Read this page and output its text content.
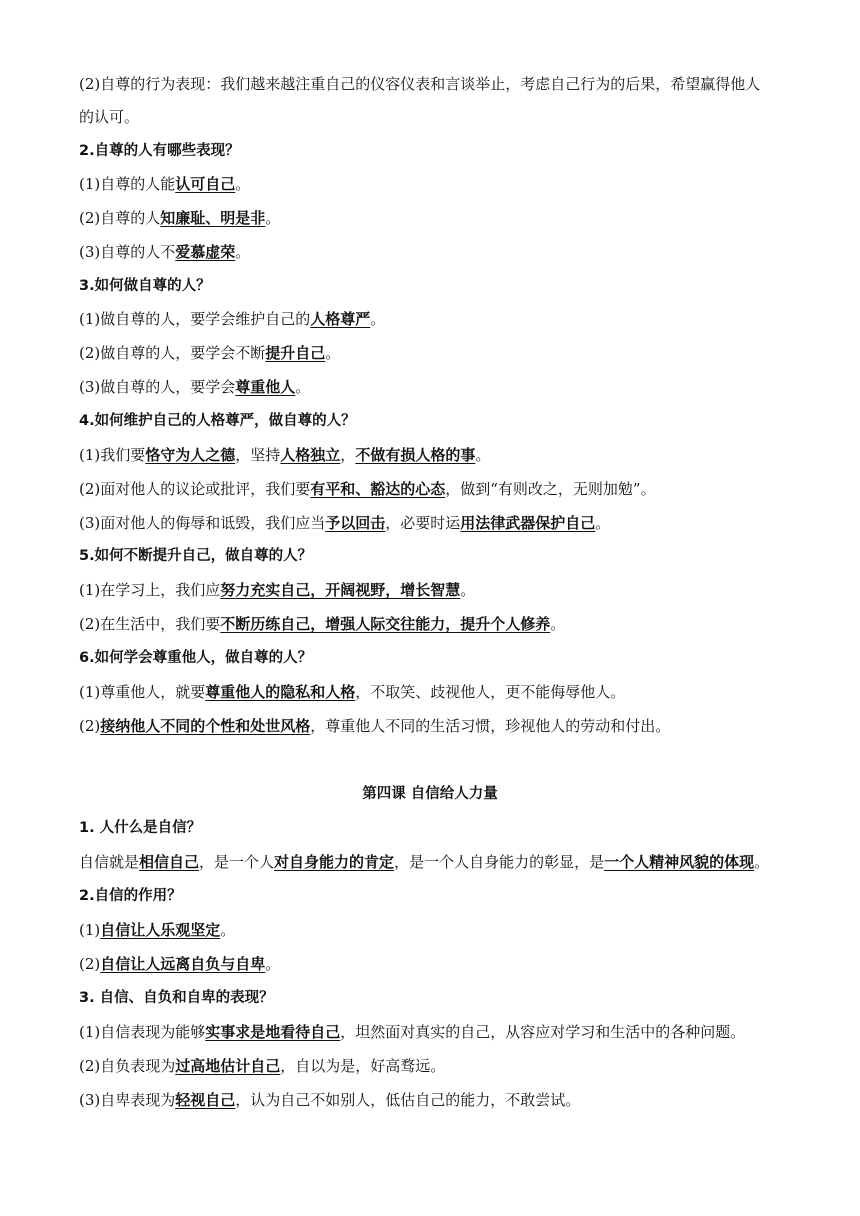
(2)自尊的行为表现：我们越来越注重自己的仪容仪表和言谈举止，考虑自己行为的后果，希望赢得他人
的认可。
2.自尊的人有哪些表现？
(1)自尊的人能认可自己。
(2)自尊的人知廉耻、明是非。
(3)自尊的人不爱慕虚荣。
3.如何做自尊的人？
(1)做自尊的人，要学会维护自己的人格尊严。
(2)做自尊的人，要学会不断提升自己。
(3)做自尊的人，要学会尊重他人。
4.如何维护自己的人格尊严，做自尊的人？
(1)我们要恪守为人之德，坚持人格独立，不做有损人格的事。
(2)面对他人的议论或批评，我们要有平和、豁达的心态，做到“有则改之，无则加勉”。
(3)面对他人的侮辱和诋毁，我们应当予以回击，必要时运用法律武器保护自己。
5.如何不断提升自己，做自尊的人？
(1)在学习上，我们应努力充实自己，开阔视野，增长智慧。
(2)在生活中，我们要不断历练自己，增强人际交往能力，提升个人修养。
6.如何学会尊重他人，做自尊的人？
(1)尊重他人，就要尊重他人的隐私和人格，不取笑、歧视他人，更不能侮辱他人。
(2)接纳他人不同的个性和处世风格，尊重他人不同的生活习惯，珍视他人的劳动和付出。
第四课 自信给人力量
1. 人什么是自信？
自信就是相信自己，是一个人对自身能力的肯定，是一个人自身能力的彰显，是一个人精神风貌的体现。
2.自信的作用？
(1)自信让人乐观坚定。
(2)自信让人远离自负与自卑。
3. 自信、自负和自卑的表现？
(1)自信表现为能够实事求是地看待自己，坦然面对真实的自己，从容应对学习和生活中的各种问题。
(2)自负表现为过高地估计自己，自以为是，好高骛远。
(3)自卑表现为轻视自己，认为自己不如别人，低估自己的能力，不敢尝试。
